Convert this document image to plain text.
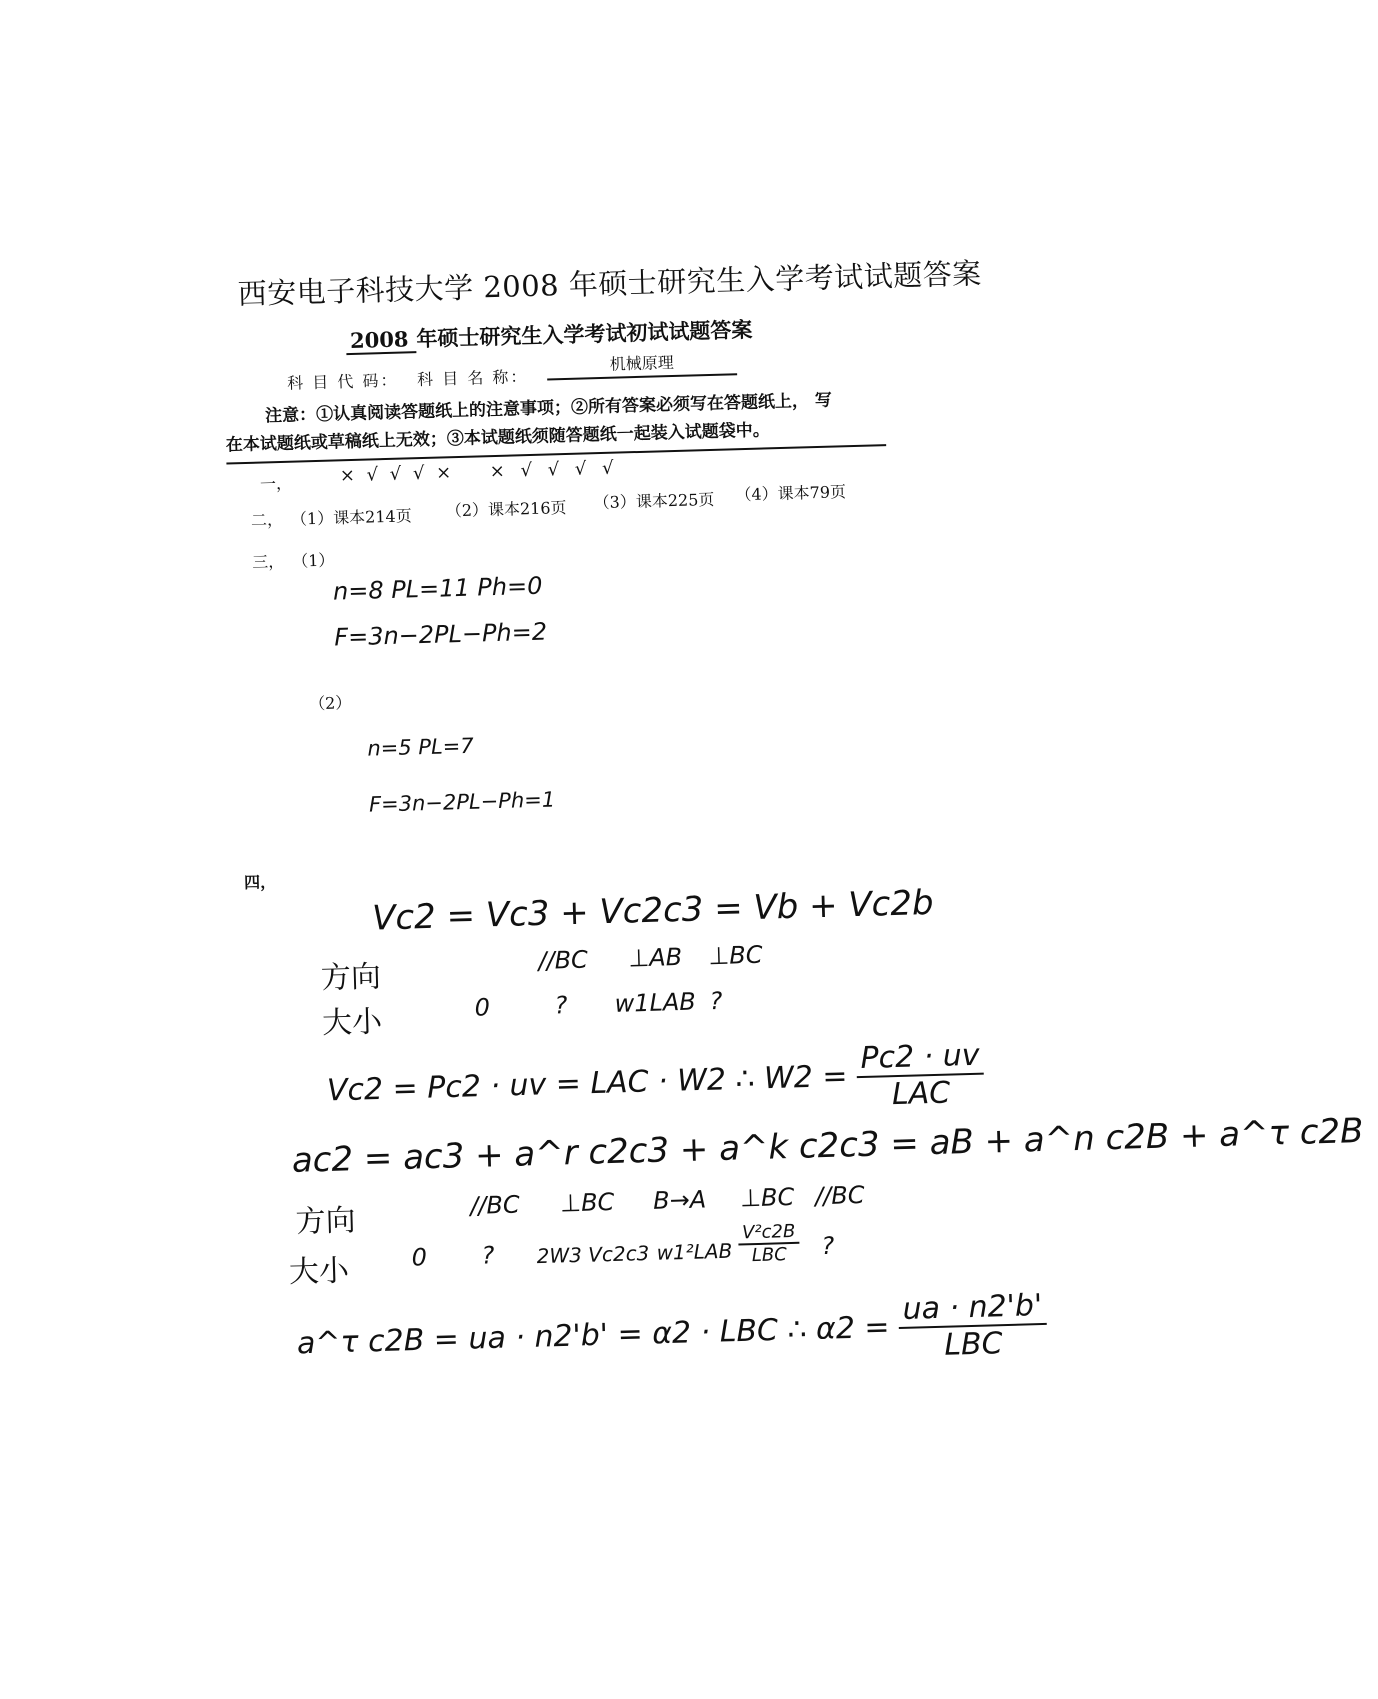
西安电子科技大学 2008 年硕士研究生入学考试试题答案
2008 年硕士研究生入学考试初试试题答案
科 目 代 码： 科 目 名 称：
机械原理
注意：①认真阅读答题纸上的注意事项；②所有答案必须写在答题纸上， 写
在本试题纸或草稿纸上无效；③本试题纸须随答题纸一起装入试题袋中。
一，	× √ √ √ × × √ √ √ √
二， （1）课本214页 （2）课本216页 （3）课本225页 （4）课本79页
三， （1）
n=8 PL=11 Ph=0
F=3n−2PL−Ph=2
（2）
n=5 PL=7
F=3n−2PL−Ph=1
四，
Vc2 = Vc3 + Vc2c3 = Vb + Vc2b
方向	//BC ⊥AB ⊥BC
大小	0	? w1LAB ?
Vc2 = Pc2 · uv = LAC · W2 ∴ $W2 = \frac{Pc2 \cdot uv}{\text{LAC}}$
ac2 = ac3 + a^r c2c3 + a^k c2c3 = aB + a^n c2B + a^τ c2B
方向	//BC ⊥BC B→A ⊥BC //BC
大小	0 ? 2W3 Vc2c3 $w1^2LAB \frac{\text{V²c2B}}{\text{LBC}}$ ?
a^τ c2B = ua · n2'b' = α2 · LBC ∴ $\alpha 2 = \frac{ua \cdot n2'b'}{\text{LBC}}$
